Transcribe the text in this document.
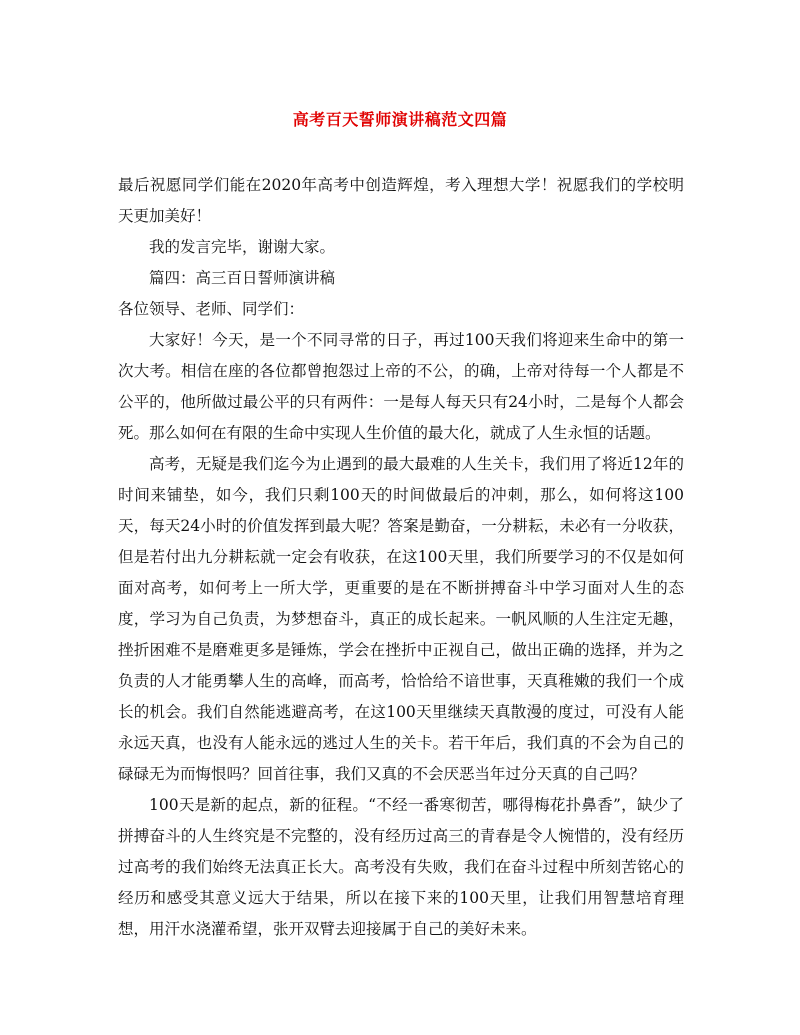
高考百天誓师演讲稿范文四篇

最后祝愿同学们能在2020年高考中创造辉煌，考入理想大学！祝愿我们的学校明天更加美好！

我的发言完毕，谢谢大家。

篇四：高三百日誓师演讲稿

各位领导、老师、同学们：

大家好！今天，是一个不同寻常的日子，再过100天我们将迎来生命中的第一次大考。相信在座的各位都曾抱怨过上帝的不公，的确，上帝对待每一个人都是不公平的，他所做过最公平的只有两件：一是每人每天只有24小时，二是每个人都会死。那么如何在有限的生命中实现人生价值的最大化，就成了人生永恒的话题。

高考，无疑是我们迄今为止遇到的最大最难的人生关卡，我们用了将近12年的时间来铺垫，如今，我们只剩100天的时间做最后的冲刺，那么，如何将这100天，每天24小时的价值发挥到最大呢？答案是勤奋，一分耕耘，未必有一分收获，但是若付出九分耕耘就一定会有收获，在这100天里，我们所要学习的不仅是如何面对高考，如何考上一所大学，更重要的是在不断拼搏奋斗中学习面对人生的态度，学习为自己负责，为梦想奋斗，真正的成长起来。一帆风顺的人生注定无趣，挫折困难不是磨难更多是锤炼，学会在挫折中正视自己，做出正确的选择，并为之负责的人才能勇攀人生的高峰，而高考，恰恰给不谙世事，天真稚嫩的我们一个成长的机会。我们自然能逃避高考，在这100天里继续天真散漫的度过，可没有人能永远天真，也没有人能永远的逃过人生的关卡。若干年后，我们真的不会为自己的碌碌无为而悔恨吗？回首往事，我们又真的不会厌恶当年过分天真的自己吗？

100天是新的起点，新的征程。“不经一番寒彻苦，哪得梅花扑鼻香”，缺少了拼搏奋斗的人生终究是不完整的，没有经历过高三的青春是令人惋惜的，没有经历过高考的我们始终无法真正长大。高考没有失败，我们在奋斗过程中所刻苦铭心的经历和感受其意义远大于结果，所以在接下来的100天里，让我们用智慧培育理想，用汗水浇灌希望，张开双臂去迎接属于自己的美好未来。
